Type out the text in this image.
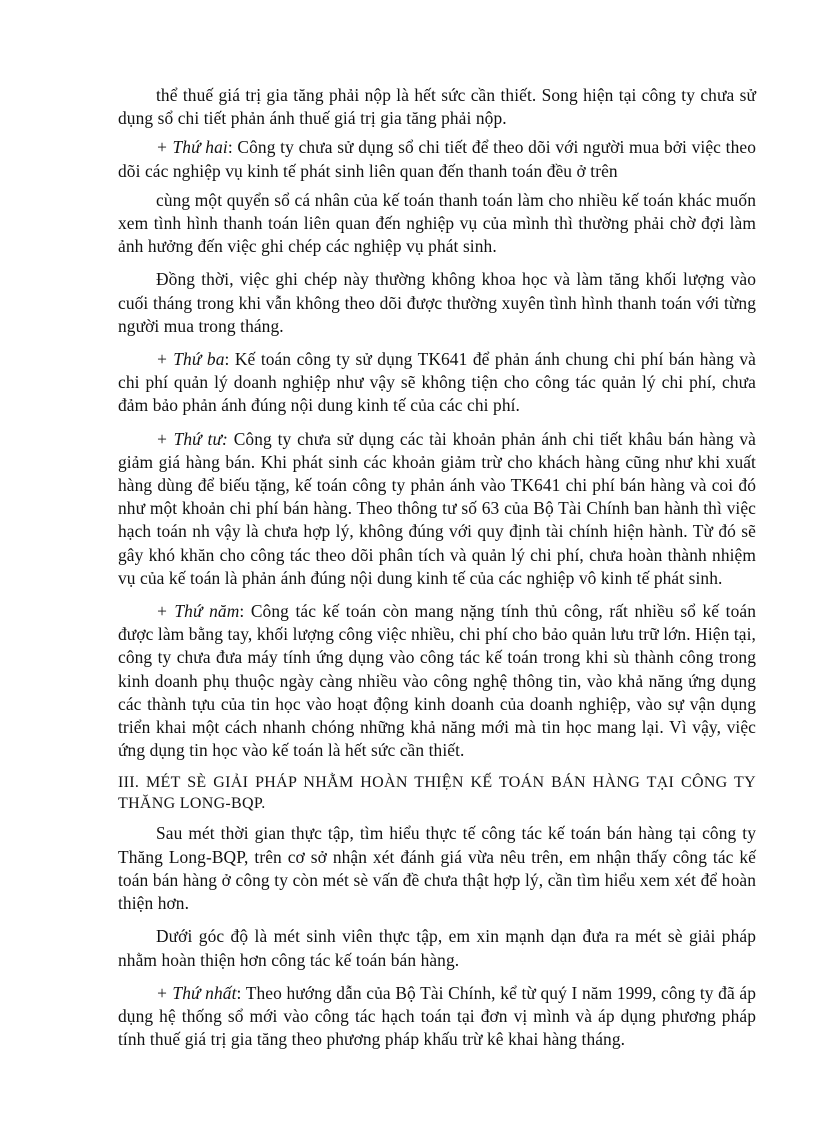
thể thuế giá trị gia tăng phải nộp là hết sức cần thiết. Song hiện tại công ty chưa sử dụng sổ chi tiết phản ánh thuế giá trị gia tăng phải nộp.

+ Thứ hai: Công ty chưa sử dụng sổ chi tiết để theo dõi với người mua bởi việc theo dõi các nghiệp vụ kinh tế phát sinh liên quan đến thanh toán đều ở trên

cùng một quyển sổ cá nhân của kế toán thanh toán làm cho nhiều kế toán khác muốn xem tình hình thanh toán liên quan đến nghiệp vụ của mình thì thường phải chờ đợi làm ảnh hưởng đến việc ghi chép các nghiệp vụ phát sinh.

Đồng thời, việc ghi chép này thường không khoa học và làm tăng khối lượng vào cuối tháng trong khi vẫn không theo dõi được thường xuyên tình hình thanh toán với từng người mua trong tháng.

+ Thứ ba: Kế toán công ty sử dụng TK641 để phản ánh chung chi phí bán hàng và chi phí quản lý doanh nghiệp như vậy sẽ không tiện cho công tác quản lý chi phí, chưa đảm bảo phản ánh đúng nội dung kinh tế của các chi phí.

+ Thứ tư: Công ty chưa sử dụng các tài khoản phản ánh chi tiết khâu bán hàng và giảm giá hàng bán. Khi phát sinh các khoản giảm trừ cho khách hàng cũng như khi xuất hàng dùng để biếu tặng, kế toán công ty phản ánh vào TK641 chi phí bán hàng và coi đó như một khoản chi phí bán hàng. Theo thông tư số 63 của Bộ Tài Chính ban hành thì việc hạch toán nh vậy là chưa hợp lý, không đúng với quy định tài chính hiện hành. Từ đó sẽ gây khó khăn cho công tác theo dõi phân tích và quản lý chi phí, chưa hoàn thành nhiệm vụ của kế toán là phản ánh đúng nội dung kinh tế của các nghiệp vô kinh tế phát sinh.

+ Thứ năm: Công tác kế toán còn mang nặng tính thủ công, rất nhiều sổ kế toán được làm bằng tay, khối lượng công việc nhiều, chi phí cho bảo quản lưu trữ lớn. Hiện tại, công ty chưa đưa máy tính ứng dụng vào công tác kế toán trong khi sù thành công trong kinh doanh phụ thuộc ngày càng nhiều vào công nghệ thông tin, vào khả năng ứng dụng các thành tựu của tin học vào hoạt động kinh doanh của doanh nghiệp, vào sự vận dụng triển khai một cách nhanh chóng những khả năng mới mà tin học mang lại. Vì vậy, việc ứng dụng tin học vào kế toán là hết sức cần thiết.

III. MÉT SÈ GIẢI PHÁP NHẰM HOÀN THIỆN KẾ TOÁN BÁN HÀNG TẠI CÔNG TY THĂNG LONG-BQP.

Sau mét thời gian thực tập, tìm hiểu thực tế công tác kế toán bán hàng tại công ty Thăng Long-BQP, trên cơ sở nhận xét đánh giá vừa nêu trên, em nhận thấy công tác kế toán bán hàng ở công ty còn mét sè vấn đề chưa thật hợp lý, cần tìm hiểu xem xét để hoàn thiện hơn.

Dưới góc độ là mét sinh viên thực tập, em xin mạnh dạn đưa ra mét sè giải pháp nhằm hoàn thiện hơn công tác kế toán bán hàng.

+ Thứ nhất: Theo hướng dẫn của Bộ Tài Chính, kể từ quý I năm 1999, công ty đã áp dụng hệ thống sổ mới vào công tác hạch toán tại đơn vị mình và áp dụng phương pháp tính thuế giá trị gia tăng theo phương pháp khấu trừ kê khai hàng tháng.
